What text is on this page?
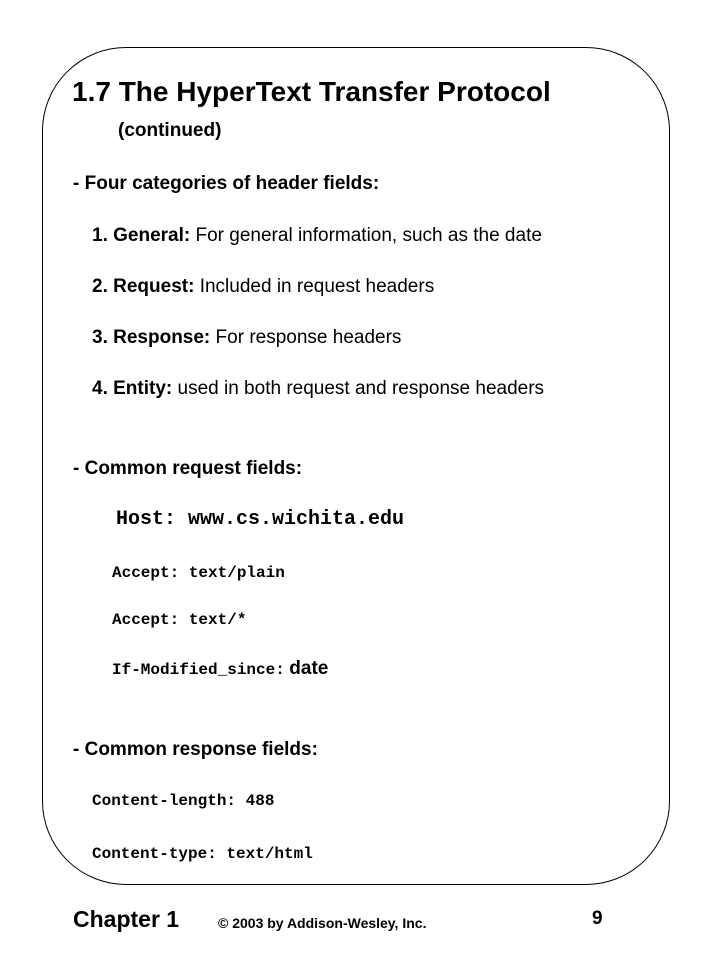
1.7 The HyperText Transfer Protocol
(continued)
- Four categories of header fields:
1. General: For general information, such as the date
2. Request: Included in request headers
3. Response: For response headers
4. Entity: used in both request and response headers
- Common request fields:
Host: www.cs.wichita.edu
Accept: text/plain
Accept: text/*
If-Modified_since: date
- Common response fields:
Content-length: 488
Content-type: text/html
Chapter 1	© 2003 by Addison-Wesley, Inc.	9
